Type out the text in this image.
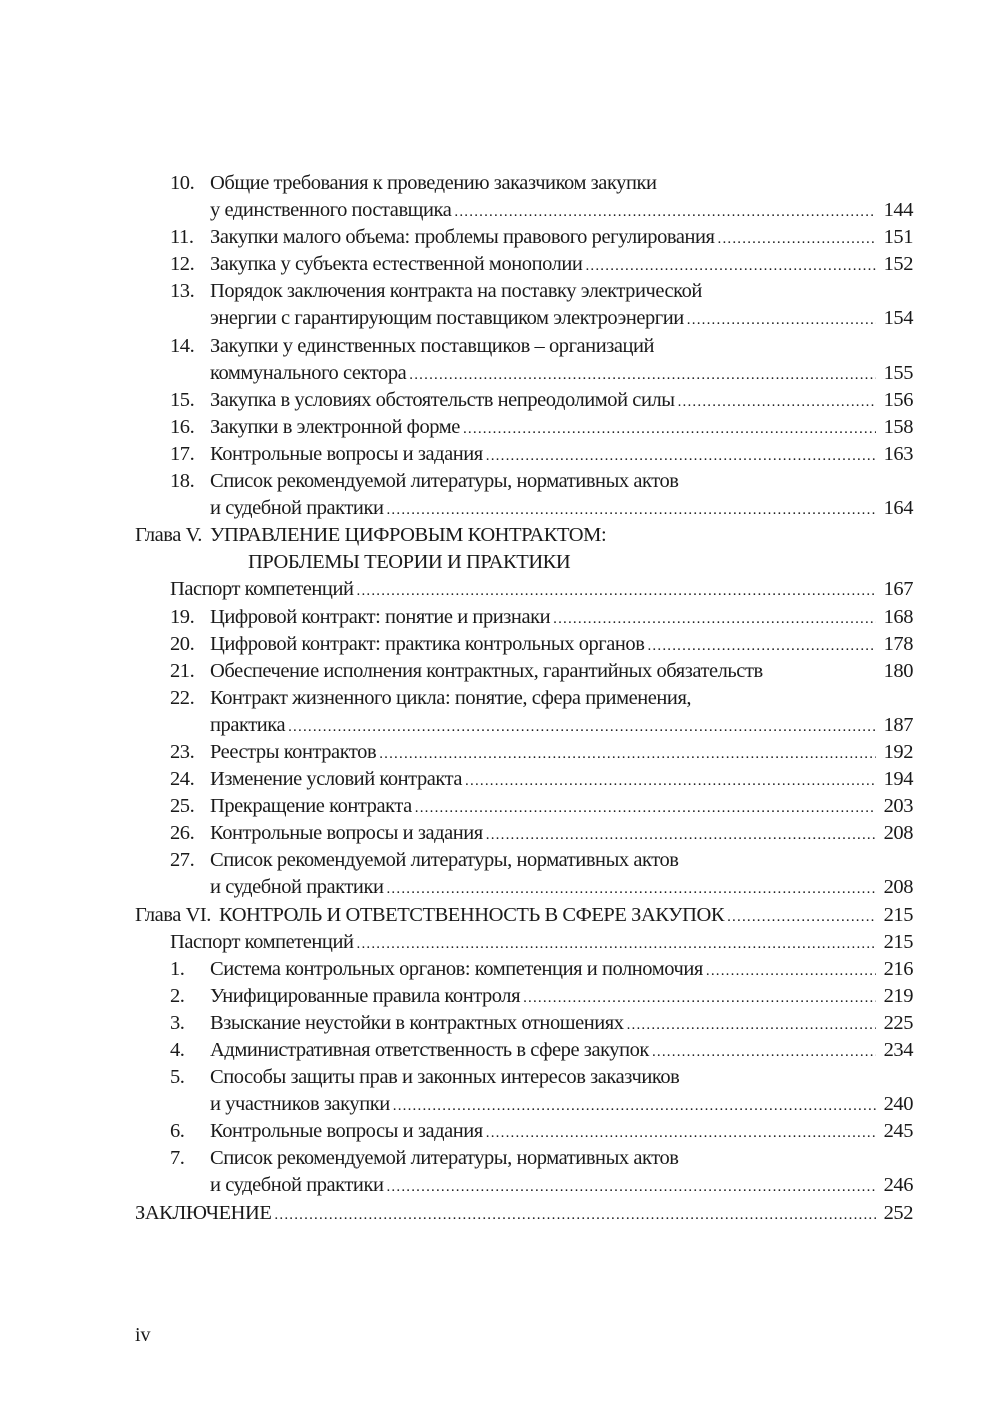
10. Общие требования к проведению заказчиком закупки
у единственного поставщика .....	144
11. Закупки малого объема: проблемы правового регулирования .....	151
12. Закупка у субъекта естественной монополии .....	152
13. Порядок заключения контракта на поставку электрической
энергии с гарантирующим поставщиком электроэнергии .....	154
14. Закупки у единственных поставщиков – организаций
коммунального сектора .....	155
15. Закупка в условиях обстоятельств непреодолимой силы .....	156
16. Закупки в электронной форме .....	158
17. Контрольные вопросы и задания .....	163
18. Список рекомендуемой литературы, нормативных актов
и судебной практики .....	164
Глава V. УПРАВЛЕНИЕ ЦИФРОВЫМ КОНТРАКТОМ:
ПРОБЛЕМЫ ТЕОРИИ И ПРАКТИКИ
Паспорт компетенций .....	167
19. Цифровой контракт: понятие и признаки .....	168
20. Цифровой контракт: практика контрольных органов .....	178
21. Обеспечение исполнения контрактных, гарантийных обязательств	180
22. Контракт жизненного цикла: понятие, сфера применения,
практика .....	187
23. Реестры контрактов .....	192
24. Изменение условий контракта .....	194
25. Прекращение контракта .....	203
26. Контрольные вопросы и задания .....	208
27. Список рекомендуемой литературы, нормативных актов
и судебной практики .....	208
Глава VI. КОНТРОЛЬ И ОТВЕТСТВЕННОСТЬ В СФЕРЕ ЗАКУПОК .....	215
Паспорт компетенций .....	215
1.	Система контрольных органов: компетенция и полномочия .....	216
2.	Унифицированные правила контроля .....	219
3.	Взыскание неустойки в контрактных отношениях .....	225
4.	Административная ответственность в сфере закупок .....	234
5.	Способы защиты прав и законных интересов заказчиков
и участников закупки .....	240
6.	Контрольные вопросы и задания .....	245
7.	Список рекомендуемой литературы, нормативных актов
и судебной практики .....	246
ЗАКЛЮЧЕНИЕ .....	252
iv
